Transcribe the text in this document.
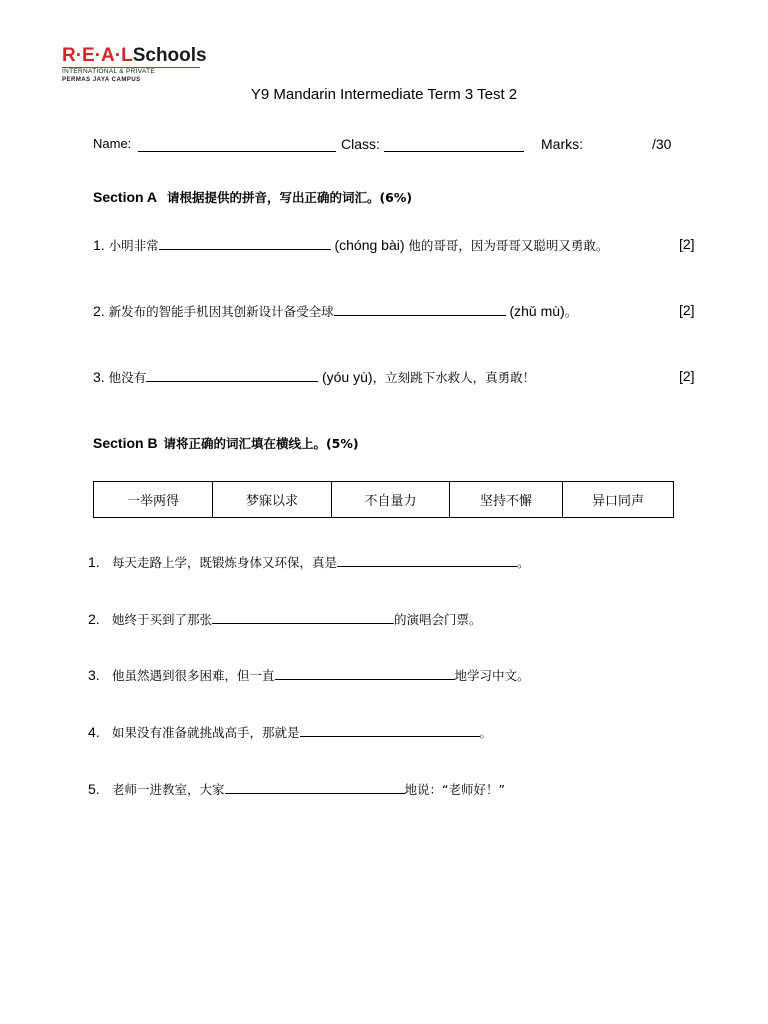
R·E·A·LSchools
INTERNATIONAL & PRIVATE
PERMAS JAYA CAMPUS
Y9 Mandarin Intermediate Term 3 Test 2
Name:	Class:	Marks:	/30
Section A 请根据提供的拼音，写出正确的词汇。(6%)
1. 小明非常	(chóng bài) 他的哥哥，因为哥哥又聪明又勇敢。	[2]
2. 新发布的智能手机因其创新设计备受全球	(zhǔ mù)。	[2]
3. 他没有	(yóu yù)，立刻跳下水救人，真勇敢！	[2]
Section B 请将正确的词汇填在横线上。(5%)
一举两得	梦寐以求	不自量力	坚持不懈	异口同声
1. 每天走路上学，既锻炼身体又环保，真是	。
2. 她终于买到了那张	的演唱会门票。
3. 他虽然遇到很多困难，但一直	地学习中文。
4. 如果没有准备就挑战高手，那就是	。
5. 老师一进教室，大家	地说：“老师好！”
